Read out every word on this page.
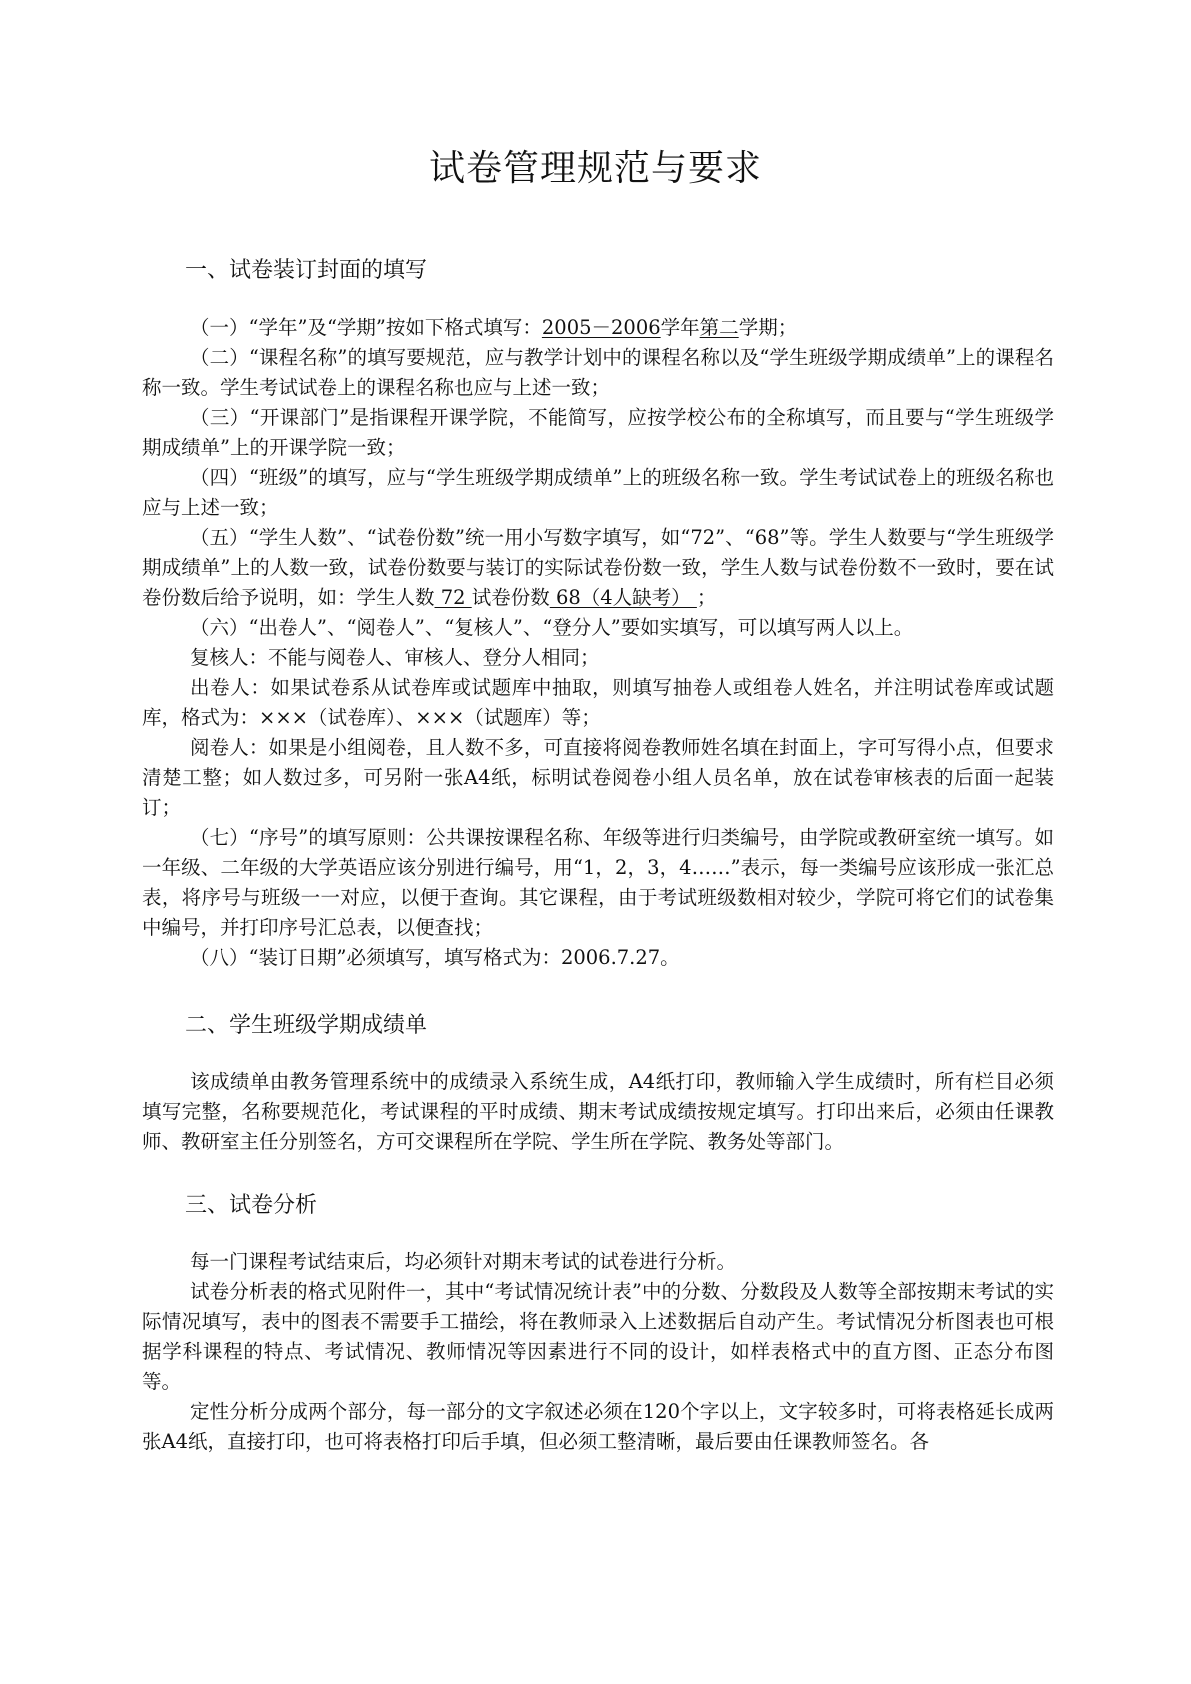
试卷管理规范与要求
一、试卷装订封面的填写

（一）“学年”及“学期”按如下格式填写：2005－2006学年第二学期；

（二）“课程名称”的填写要规范，应与教学计划中的课程名称以及“学生班级学期成绩单”上的课程名称一致。学生考试试卷上的课程名称也应与上述一致；

（三）“开课部门”是指课程开课学院，不能简写，应按学校公布的全称填写，而且要与“学生班级学期成绩单”上的开课学院一致；

（四）“班级”的填写，应与“学生班级学期成绩单”上的班级名称一致。学生考试试卷上的班级名称也应与上述一致；

（五）“学生人数”、“试卷份数”统一用小写数字填写，如“72”、“68”等。学生人数要与“学生班级学期成绩单”上的人数一致，试卷份数要与装订的实际试卷份数一致，学生人数与试卷份数不一致时，要在试卷份数后给予说明，如：学生人数 72 试卷份数 68（4人缺考） ；

（六）“出卷人”、“阅卷人”、“复核人”、“登分人”要如实填写，可以填写两人以上。

复核人：不能与阅卷人、审核人、登分人相同；

出卷人：如果试卷系从试卷库或试题库中抽取，则填写抽卷人或组卷人姓名，并注明试卷库或试题库，格式为：×××（试卷库）、×××（试题库）等；

阅卷人：如果是小组阅卷，且人数不多，可直接将阅卷教师姓名填在封面上，字可写得小点，但要求清楚工整；如人数过多，可另附一张A4纸，标明试卷阅卷小组人员名单，放在试卷审核表的后面一起装订；

（七）“序号”的填写原则：公共课按课程名称、年级等进行归类编号，由学院或教研室统一填写。如一年级、二年级的大学英语应该分别进行编号，用“1，2，3，4……”表示，每一类编号应该形成一张汇总表，将序号与班级一一对应，以便于查询。其它课程，由于考试班级数相对较少，学院可将它们的试卷集中编号，并打印序号汇总表，以便查找；

（八）“装订日期”必须填写，填写格式为：2006.7.27。

二、学生班级学期成绩单

该成绩单由教务管理系统中的成绩录入系统生成，A4纸打印，教师输入学生成绩时，所有栏目必须填写完整，名称要规范化，考试课程的平时成绩、期末考试成绩按规定填写。打印出来后，必须由任课教师、教研室主任分别签名，方可交课程所在学院、学生所在学院、教务处等部门。

三、试卷分析

每一门课程考试结束后，均必须针对期末考试的试卷进行分析。

试卷分析表的格式见附件一，其中“考试情况统计表”中的分数、分数段及人数等全部按期末考试的实际情况填写，表中的图表不需要手工描绘，将在教师录入上述数据后自动产生。考试情况分析图表也可根据学科课程的特点、考试情况、教师情况等因素进行不同的设计，如样表格式中的直方图、正态分布图等。

定性分析分成两个部分，每一部分的文字叙述必须在120个字以上，文字较多时，可将表格延长成两张A4纸，直接打印，也可将表格打印后手填，但必须工整清晰，最后要由任课教师签名。各
